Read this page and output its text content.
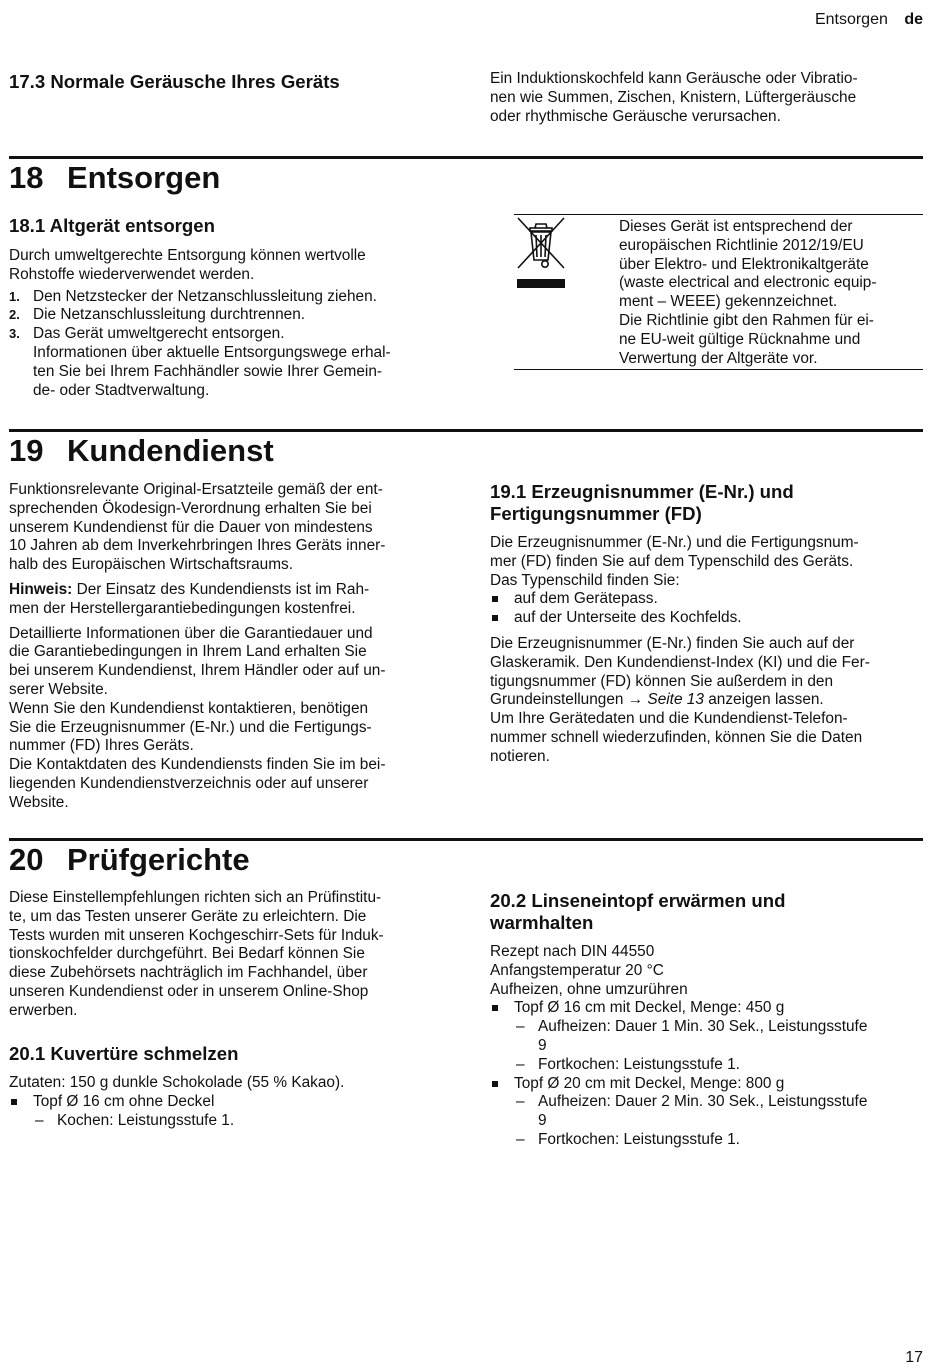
Entsorgen de
17.3 Normale Geräusche Ihres Geräts	Ein Induktionskochfeld kann Geräusche oder Vibratio-
nen wie Summen, Zischen, Knistern, Lüftergeräusche
oder rhythmische Geräusche verursachen.
18 Entsorgen
18.1 Altgerät entsorgen
Durch umweltgerechte Entsorgung können wertvolle
Rohstoffe wiederverwendet werden.
1. Den Netzstecker der Netzanschlussleitung ziehen.
2. Die Netzanschlussleitung durchtrennen.
3. Das Gerät umweltgerecht entsorgen.
Informationen über aktuelle Entsorgungswege erhal-
ten Sie bei Ihrem Fachhändler sowie Ihrer Gemein-
de- oder Stadtverwaltung.
Dieses Gerät ist entsprechend der
europäischen Richtlinie 2012/19/EU
über Elektro- und Elektronikaltgeräte
(waste electrical and electronic equip-
ment – WEEE) gekennzeichnet.
Die Richtlinie gibt den Rahmen für ei-
ne EU-weit gültige Rücknahme und
Verwertung der Altgeräte vor.
19 Kundendienst
Funktionsrelevante Original-Ersatzteile gemäß der ent-
sprechenden Ökodesign-Verordnung erhalten Sie bei
unserem Kundendienst für die Dauer von mindestens
10 Jahren ab dem Inverkehrbringen Ihres Geräts inner-
halb des Europäischen Wirtschaftsraums.
Hinweis: Der Einsatz des Kundendiensts ist im Rah-
men der Herstellergarantiebedingungen kostenfrei.
Detaillierte Informationen über die Garantiedauer und
die Garantiebedingungen in Ihrem Land erhalten Sie
bei unserem Kundendienst, Ihrem Händler oder auf un-
serer Website.
Wenn Sie den Kundendienst kontaktieren, benötigen
Sie die Erzeugnisnummer (E-Nr.) und die Fertigungs-
nummer (FD) Ihres Geräts.
Die Kontaktdaten des Kundendiensts finden Sie im bei-
liegenden Kundendienstverzeichnis oder auf unserer
Website.
19.1 Erzeugnisnummer (E-Nr.) und
Fertigungsnummer (FD)
Die Erzeugnisnummer (E-Nr.) und die Fertigungsnum-
mer (FD) finden Sie auf dem Typenschild des Geräts.
Das Typenschild finden Sie:
auf dem Gerätepass.
auf der Unterseite des Kochfelds.
Die Erzeugnisnummer (E-Nr.) finden Sie auch auf der
Glaskeramik. Den Kundendienst-Index (KI) und die Fer-
tigungsnummer (FD) können Sie außerdem in den
Grundeinstellungen → Seite 13 anzeigen lassen.
Um Ihre Gerätedaten und die Kundendienst-Telefon-
nummer schnell wiederzufinden, können Sie die Daten
notieren.
20 Prüfgerichte
Diese Einstellempfehlungen richten sich an Prüfinstitu-
te, um das Testen unserer Geräte zu erleichtern. Die
Tests wurden mit unseren Kochgeschirr-Sets für Induk-
tionskochfelder durchgeführt. Bei Bedarf können Sie
diese Zubehörsets nachträglich im Fachhandel, über
unseren Kundendienst oder in unserem Online-Shop
erwerben.
20.1 Kuvertüre schmelzen
Zutaten: 150 g dunkle Schokolade (55 % Kakao).
Topf Ø 16 cm ohne Deckel
– Kochen: Leistungsstufe 1.
20.2 Linseneintopf erwärmen und
warmhalten
Rezept nach DIN 44550
Anfangstemperatur 20 °C
Aufheizen, ohne umzurühren
Topf Ø 16 cm mit Deckel, Menge: 450 g
– Aufheizen: Dauer 1 Min. 30 Sek., Leistungsstufe
9
– Fortkochen: Leistungsstufe 1.
Topf Ø 20 cm mit Deckel, Menge: 800 g
– Aufheizen: Dauer 2 Min. 30 Sek., Leistungsstufe
9
– Fortkochen: Leistungsstufe 1.
17
